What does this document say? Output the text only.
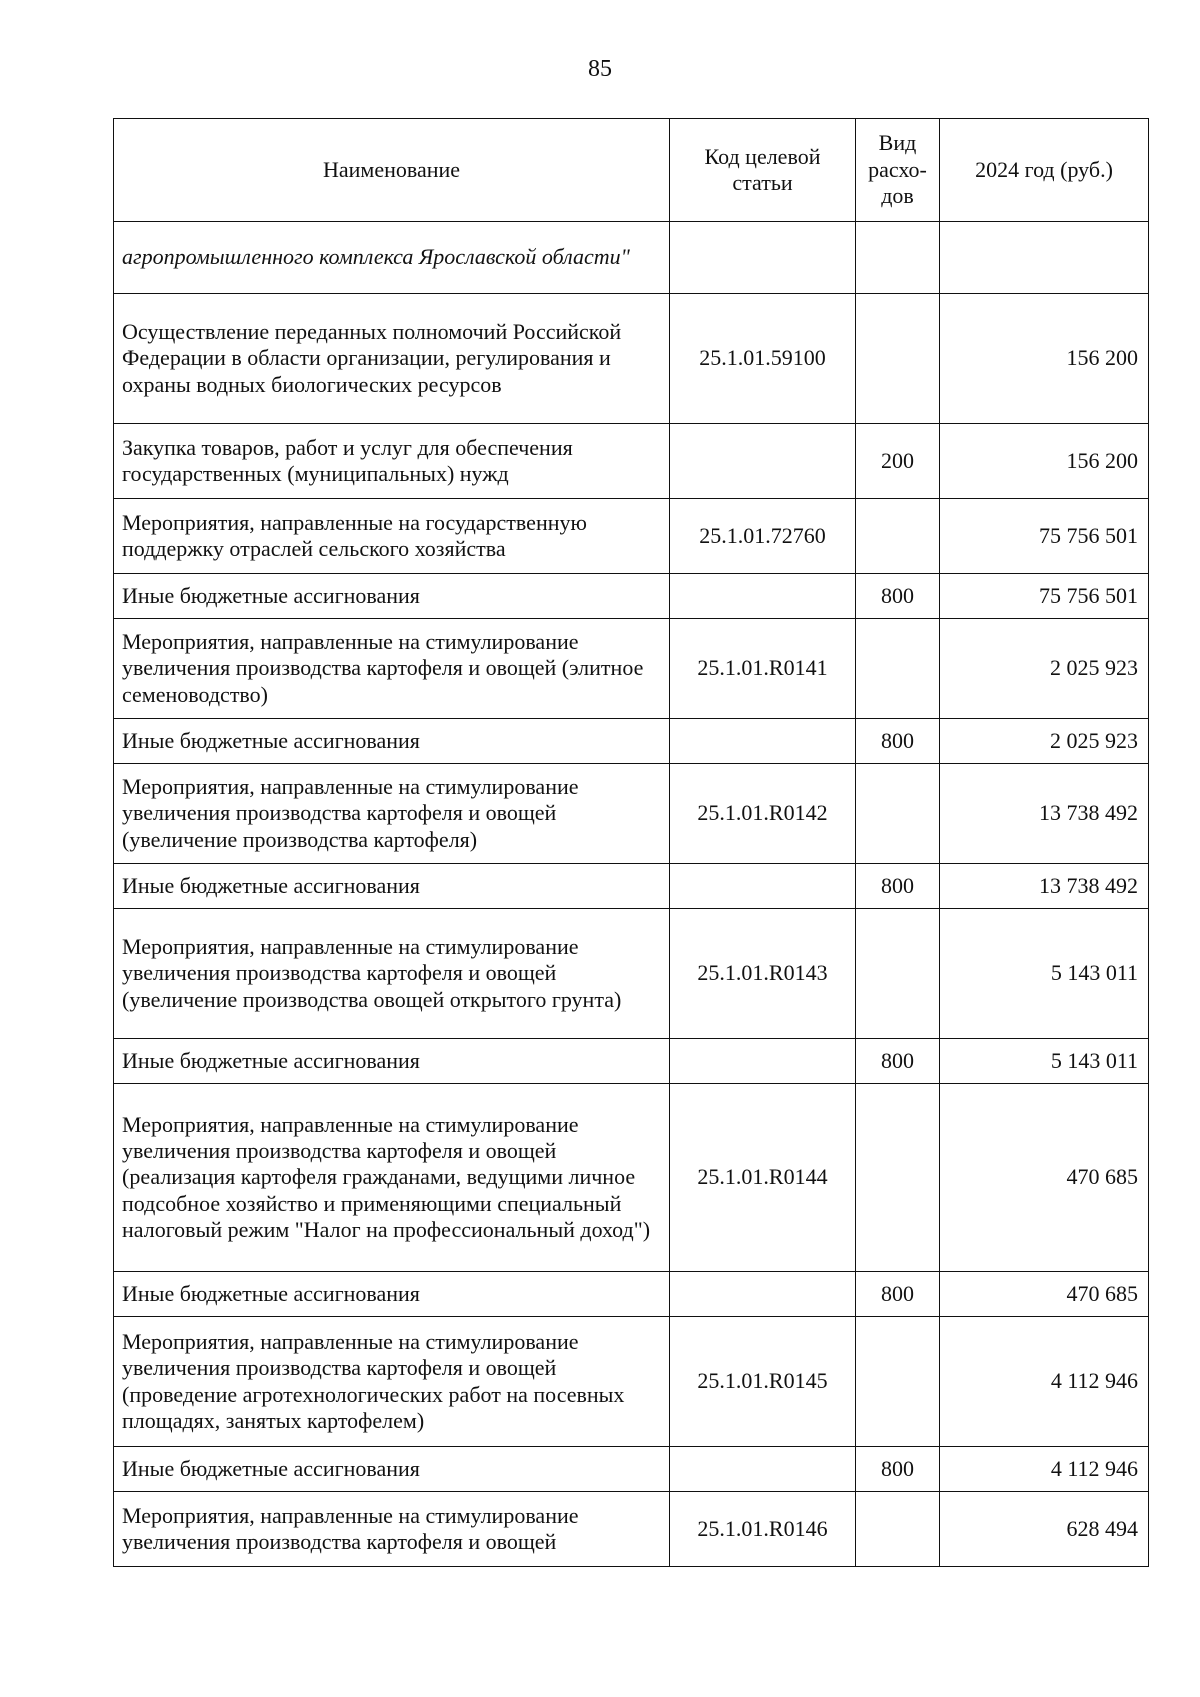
85
Наименование	Код целевой статьи	Вид расхо-дов	2024 год (руб.)
агропромышленного комплекса Ярославской области"			
Осуществление переданных полномочий Российской Федерации в области организации, регулирования и охраны водных биологических ресурсов	25.1.01.59100		156 200
Закупка товаров, работ и услуг для обеспечения государственных (муниципальных) нужд		200	156 200
Мероприятия, направленные на государственную поддержку отраслей сельского хозяйства	25.1.01.72760		75 756 501
Иные бюджетные ассигнования		800	75 756 501
Мероприятия, направленные на стимулирование увеличения производства картофеля и овощей (элитное семеноводство)	25.1.01.R0141		2 025 923
Иные бюджетные ассигнования		800	2 025 923
Мероприятия, направленные на стимулирование увеличения производства картофеля и овощей (увеличение производства картофеля)	25.1.01.R0142		13 738 492
Иные бюджетные ассигнования		800	13 738 492
Мероприятия, направленные на стимулирование увеличения производства картофеля и овощей (увеличение производства овощей открытого грунта)	25.1.01.R0143		5 143 011
Иные бюджетные ассигнования		800	5 143 011
Мероприятия, направленные на стимулирование увеличения производства картофеля и овощей (реализация картофеля гражданами, ведущими личное подсобное хозяйство и применяющими специальный налоговый режим "Налог на профессиональный доход")	25.1.01.R0144		470 685
Иные бюджетные ассигнования		800	470 685
Мероприятия, направленные на стимулирование увеличения производства картофеля и овощей (проведение агротехнологических работ на посевных площадях, занятых картофелем)	25.1.01.R0145		4 112 946
Иные бюджетные ассигнования		800	4 112 946
Мероприятия, направленные на стимулирование увеличения производства картофеля и овощей	25.1.01.R0146		628 494
